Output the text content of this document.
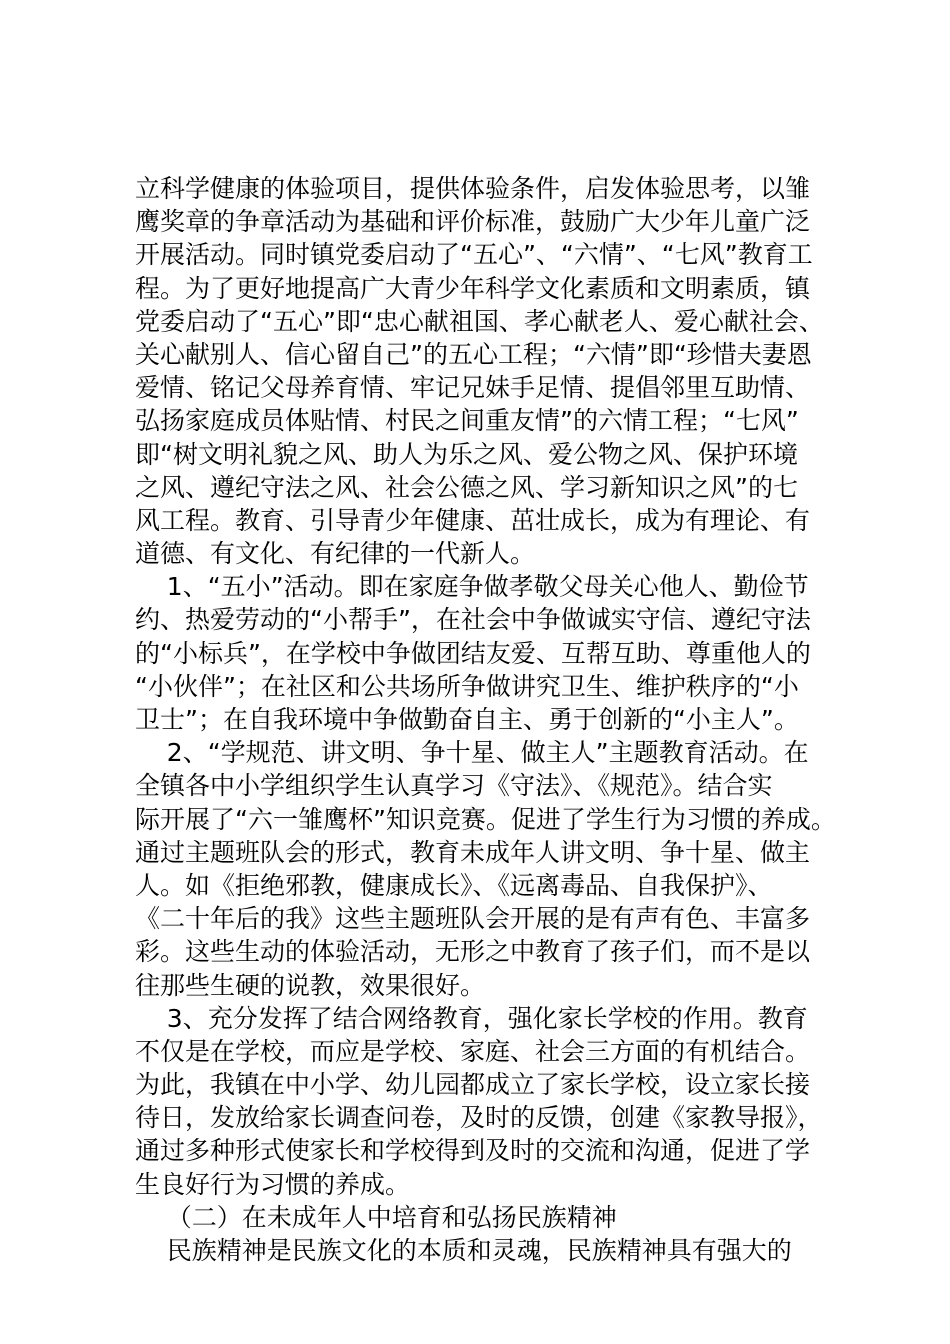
立科学健康的体验项目，提供体验条件，启发体验思考，以雏
鹰奖章的争章活动为基础和评价标准，鼓励广大少年儿童广泛
开展活动。同时镇党委启动了“五心”、“六情”、“七风”教育工
程。为了更好地提高广大青少年科学文化素质和文明素质，镇
党委启动了“五心”即“忠心献祖国、孝心献老人、爱心献社会、
关心献别人、信心留自己”的五心工程；“六情”即“珍惜夫妻恩
爱情、铭记父母养育情、牢记兄妹手足情、提倡邻里互助情、
弘扬家庭成员体贴情、村民之间重友情”的六情工程；“七风”
即“树文明礼貌之风、助人为乐之风、爱公物之风、保护环境
之风、遵纪守法之风、社会公德之风、学习新知识之风”的七
风工程。教育、引导青少年健康、茁壮成长，成为有理论、有
道德、有文化、有纪律的一代新人。
1、“五小”活动。即在家庭争做孝敬父母关心他人、勤俭节
约、热爱劳动的“小帮手”，在社会中争做诚实守信、遵纪守法
的“小标兵”，在学校中争做团结友爱、互帮互助、尊重他人的
“小伙伴”；在社区和公共场所争做讲究卫生、维护秩序的“小
卫士”；在自我环境中争做勤奋自主、勇于创新的“小主人”。
2、“学规范、讲文明、争十星、做主人”主题教育活动。在
全镇各中小学组织学生认真学习《守法》、《规范》。结合实
际开展了“六一雏鹰杯”知识竞赛。促进了学生行为习惯的养成。
通过主题班队会的形式，教育未成年人讲文明、争十星、做主
人。如《拒绝邪教，健康成长》、《远离毒品、自我保护》、
《二十年后的我》这些主题班队会开展的是有声有色、丰富多
彩。这些生动的体验活动，无形之中教育了孩子们，而不是以
往那些生硬的说教，效果很好。
3、充分发挥了结合网络教育，强化家长学校的作用。教育
不仅是在学校，而应是学校、家庭、社会三方面的有机结合。
为此，我镇在中小学、幼儿园都成立了家长学校，设立家长接
待日，发放给家长调查问卷，及时的反馈，创建《家教导报》，
通过多种形式使家长和学校得到及时的交流和沟通，促进了学
生良好行为习惯的养成。
（二）在未成年人中培育和弘扬民族精神
民族精神是民族文化的本质和灵魂，民族精神具有强大的
